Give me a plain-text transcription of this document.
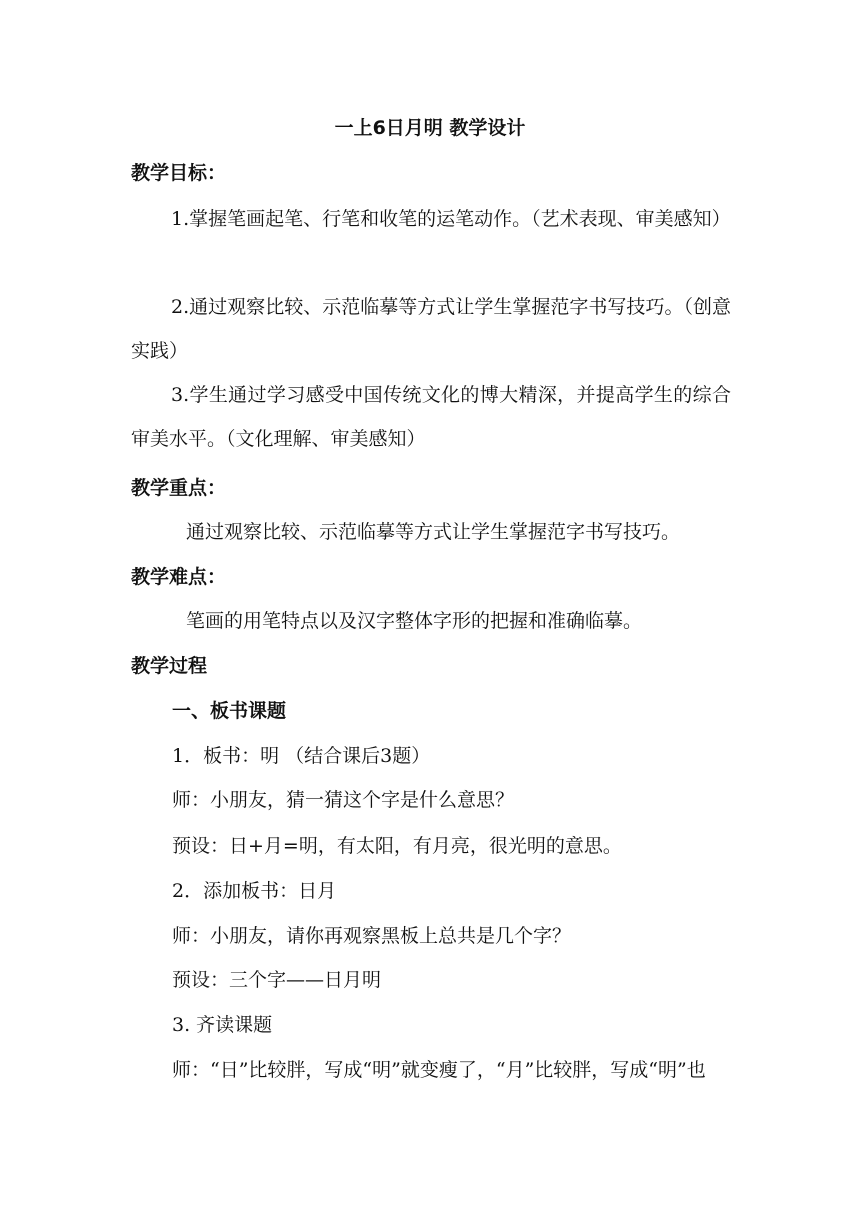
一上6日月明 教学设计
教学目标：
1.掌握笔画起笔、行笔和收笔的运笔动作。（艺术表现、审美感知）
2.通过观察比较、示范临摹等方式让学生掌握范字书写技巧。（创意实践）
3.学生通过学习感受中国传统文化的博大精深，并提高学生的综合审美水平。（文化理解、审美感知）
教学重点：
通过观察比较、示范临摹等方式让学生掌握范字书写技巧。
教学难点：
笔画的用笔特点以及汉字整体字形的把握和准确临摹。
教学过程
一、板书课题
1．板书：明 （结合课后3题）
师：小朋友，猜一猜这个字是什么意思？
预设：日+月=明，有太阳，有月亮，很光明的意思。
2．添加板书：日月
师：小朋友，请你再观察黑板上总共是几个字？
预设：三个字——日月明
3. 齐读课题
师：“日”比较胖，写成“明”就变瘦了，“月”比较胖，写成“明”也
